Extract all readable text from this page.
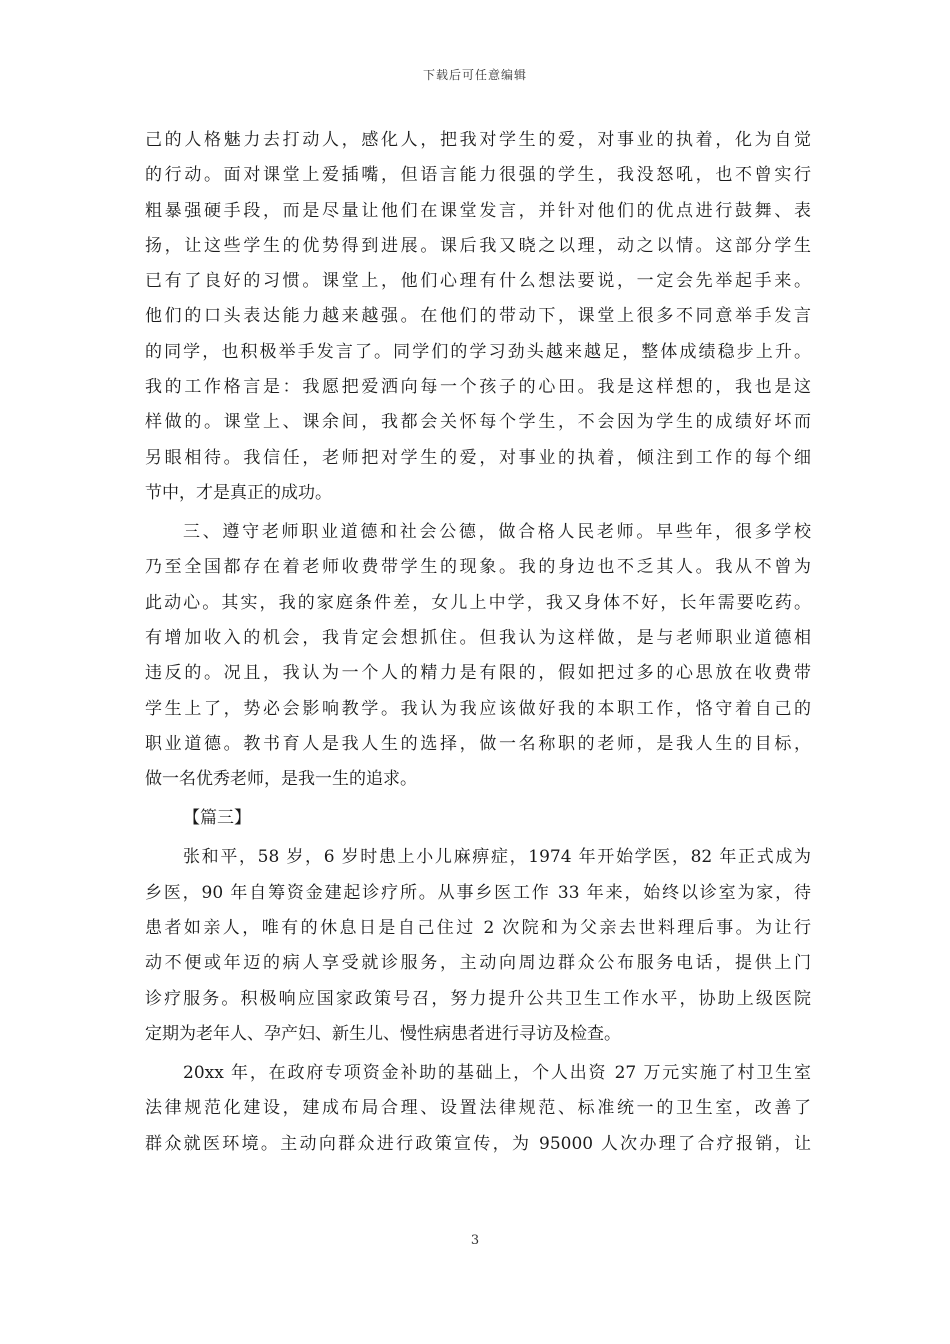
下载后可任意编辑
己的人格魅力去打动人，感化人，把我对学生的爱，对事业的执着，化为自觉
的行动。面对课堂上爱插嘴，但语言能力很强的学生，我没怒吼，也不曾实行
粗暴强硬手段，而是尽量让他们在课堂发言，并针对他们的优点进行鼓舞、表
扬，让这些学生的优势得到进展。课后我又晓之以理，动之以情。这部分学生
已有了良好的习惯。课堂上，他们心理有什么想法要说，一定会先举起手来。
他们的口头表达能力越来越强。在他们的带动下，课堂上很多不同意举手发言
的同学，也积极举手发言了。同学们的学习劲头越来越足，整体成绩稳步上升。
我的工作格言是：我愿把爱洒向每一个孩子的心田。我是这样想的，我也是这
样做的。课堂上、课余间，我都会关怀每个学生，不会因为学生的成绩好坏而
另眼相待。我信任，老师把对学生的爱，对事业的执着，倾注到工作的每个细
节中，才是真正的成功。
三、遵守老师职业道德和社会公德，做合格人民老师。早些年，很多学校
乃至全国都存在着老师收费带学生的现象。我的身边也不乏其人。我从不曾为
此动心。其实，我的家庭条件差，女儿上中学，我又身体不好，长年需要吃药。
有增加收入的机会，我肯定会想抓住。但我认为这样做，是与老师职业道德相
违反的。况且，我认为一个人的精力是有限的，假如把过多的心思放在收费带
学生上了，势必会影响教学。我认为我应该做好我的本职工作，恪守着自己的
职业道德。教书育人是我人生的选择，做一名称职的老师，是我人生的目标，
做一名优秀老师，是我一生的追求。
【篇三】
张和平，58 岁，6 岁时患上小儿麻痹症，1974 年开始学医，82 年正式成为
乡医，90 年自筹资金建起诊疗所。从事乡医工作 33 年来，始终以诊室为家，待
患者如亲人，唯有的休息日是自己住过 2 次院和为父亲去世料理后事。为让行
动不便或年迈的病人享受就诊服务，主动向周边群众公布服务电话，提供上门
诊疗服务。积极响应国家政策号召，努力提升公共卫生工作水平，协助上级医院
定期为老年人、孕产妇、新生儿、慢性病患者进行寻访及检查。
20xx 年，在政府专项资金补助的基础上，个人出资 27 万元实施了村卫生室
法律规范化建设，建成布局合理、设置法律规范、标准统一的卫生室，改善了
群众就医环境。主动向群众进行政策宣传，为 95000 人次办理了合疗报销，让
3
